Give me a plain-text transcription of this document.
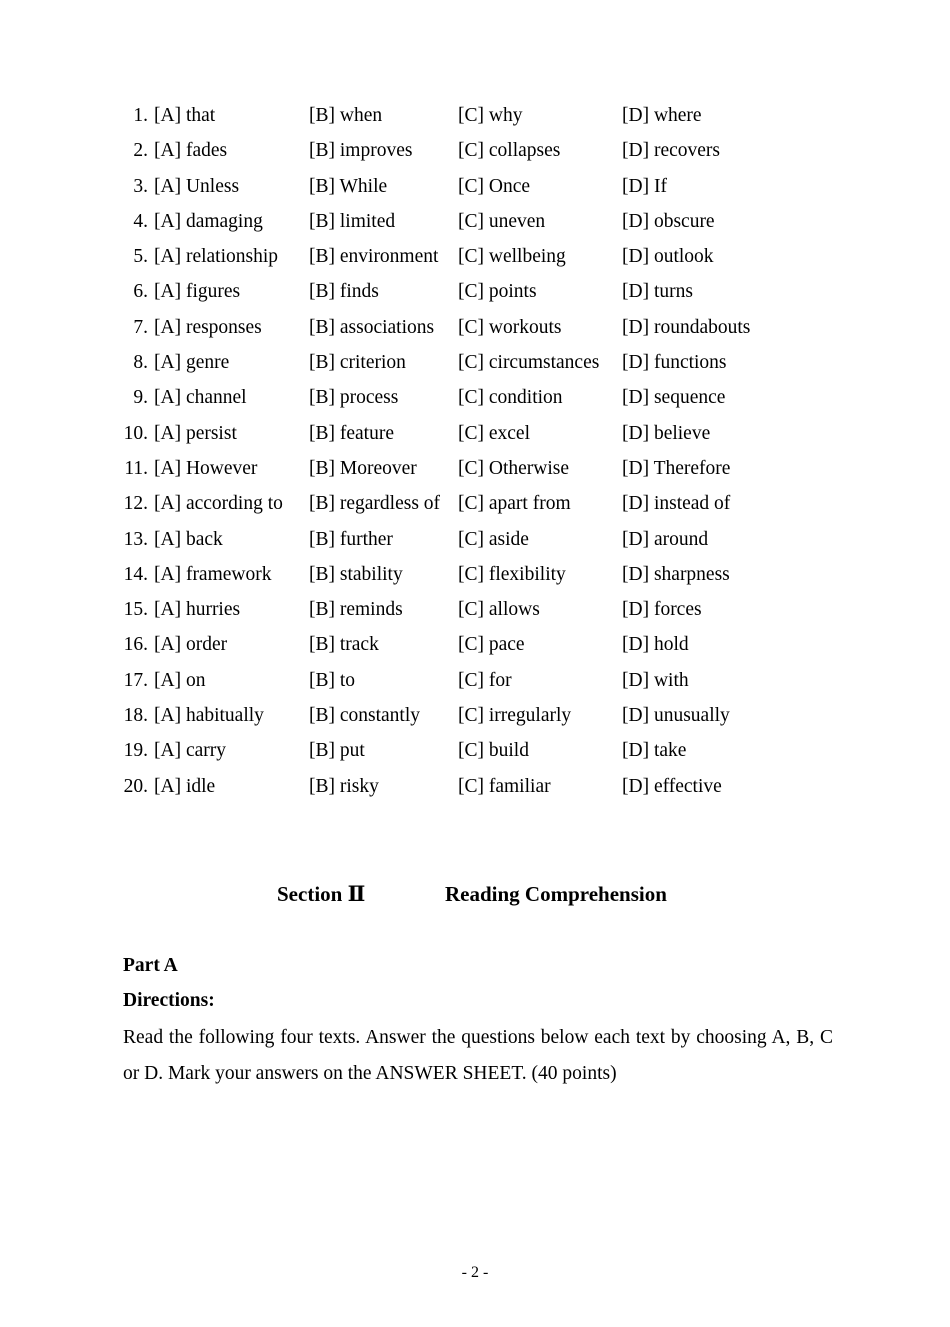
1. [A] that	[B] when	[C] why	[D] where
2. [A] fades	[B] improves [C] collapses	[D] recovers
3. [A] Unless	[B] While	[C] Once	[D] If
4. [A] damaging [B] limited	[C] uneven	[D] obscure
5. [A] relationship [B] environment [C] wellbeing	[D] outlook
6. [A] figures	[B] finds	[C] points	[D] turns
7. [A] responses [B] associations [C] workouts	[D] roundabouts
8. [A] genre	[B] criterion	[C] circumstances [D] functions
9. [A] channel	[B] process	[C] condition	[D] sequence
10. [A] persist	[B] feature	[C] excel	[D] believe
11. [A] However	[B] Moreover [C] Otherwise	[D] Therefore
12. [A] according to [B] regardless of [C] apart from	[D] instead of
13. [A] back	[B] further	[C] aside	[D] around
14. [A] framework [B] stability	[C] flexibility	[D] sharpness
15. [A] hurries	[B] reminds	[C] allows	[D] forces
16. [A] order	[B] track	[C] pace	[D] hold
17. [A] on	[B] to	[C] for	[D] with
18. [A] habitually [B] constantly [C] irregularly	[D] unusually
19. [A] carry	[B] put	[C] build	[D] take
20. [A] idle	[B] risky	[C] familiar	[D] effective
Section Ⅱ	Reading Comprehension
Part A
Directions:
Read the following four texts. Answer the questions below each text by choosing A, B, C or D. Mark your answers on the ANSWER SHEET. (40 points)
- 2 -
